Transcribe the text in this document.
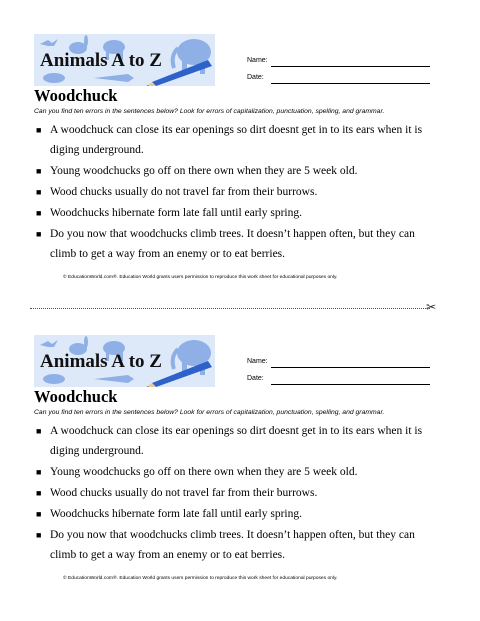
Animals A to Z	Name:
Date:
Woodchuck
Can you find ten errors in the sentences below? Look for errors of capitalization, punctuation, spelling, and grammar.
■ A woodchuck can close its ear openings so dirt doesnt get in to its ears when it is
diging underground.
■ Young woodchucks go off on there own when they are 5 week old.
■ Wood chucks usually do not travel far from their burrows.
■ Woodchucks hibernate form late fall until early spring.
■ Do you now that woodchucks climb trees. It doesn’t happen often, but they can
climb to get a way from an enemy or to eat berries.
© EducationWorld.com®. Education World grants users permission to reproduce this work sheet for educational purposes only.
✂
Animals A to Z	Name:
Date:
Woodchuck
Can you find ten errors in the sentences below? Look for errors of capitalization, punctuation, spelling, and grammar.
■ A woodchuck can close its ear openings so dirt doesnt get in to its ears when it is
diging underground.
■ Young woodchucks go off on there own when they are 5 week old.
■ Wood chucks usually do not travel far from their burrows.
■ Woodchucks hibernate form late fall until early spring.
■ Do you now that woodchucks climb trees. It doesn’t happen often, but they can
climb to get a way from an enemy or to eat berries.
© EducationWorld.com®. Education World grants users permission to reproduce this work sheet for educational purposes only.
